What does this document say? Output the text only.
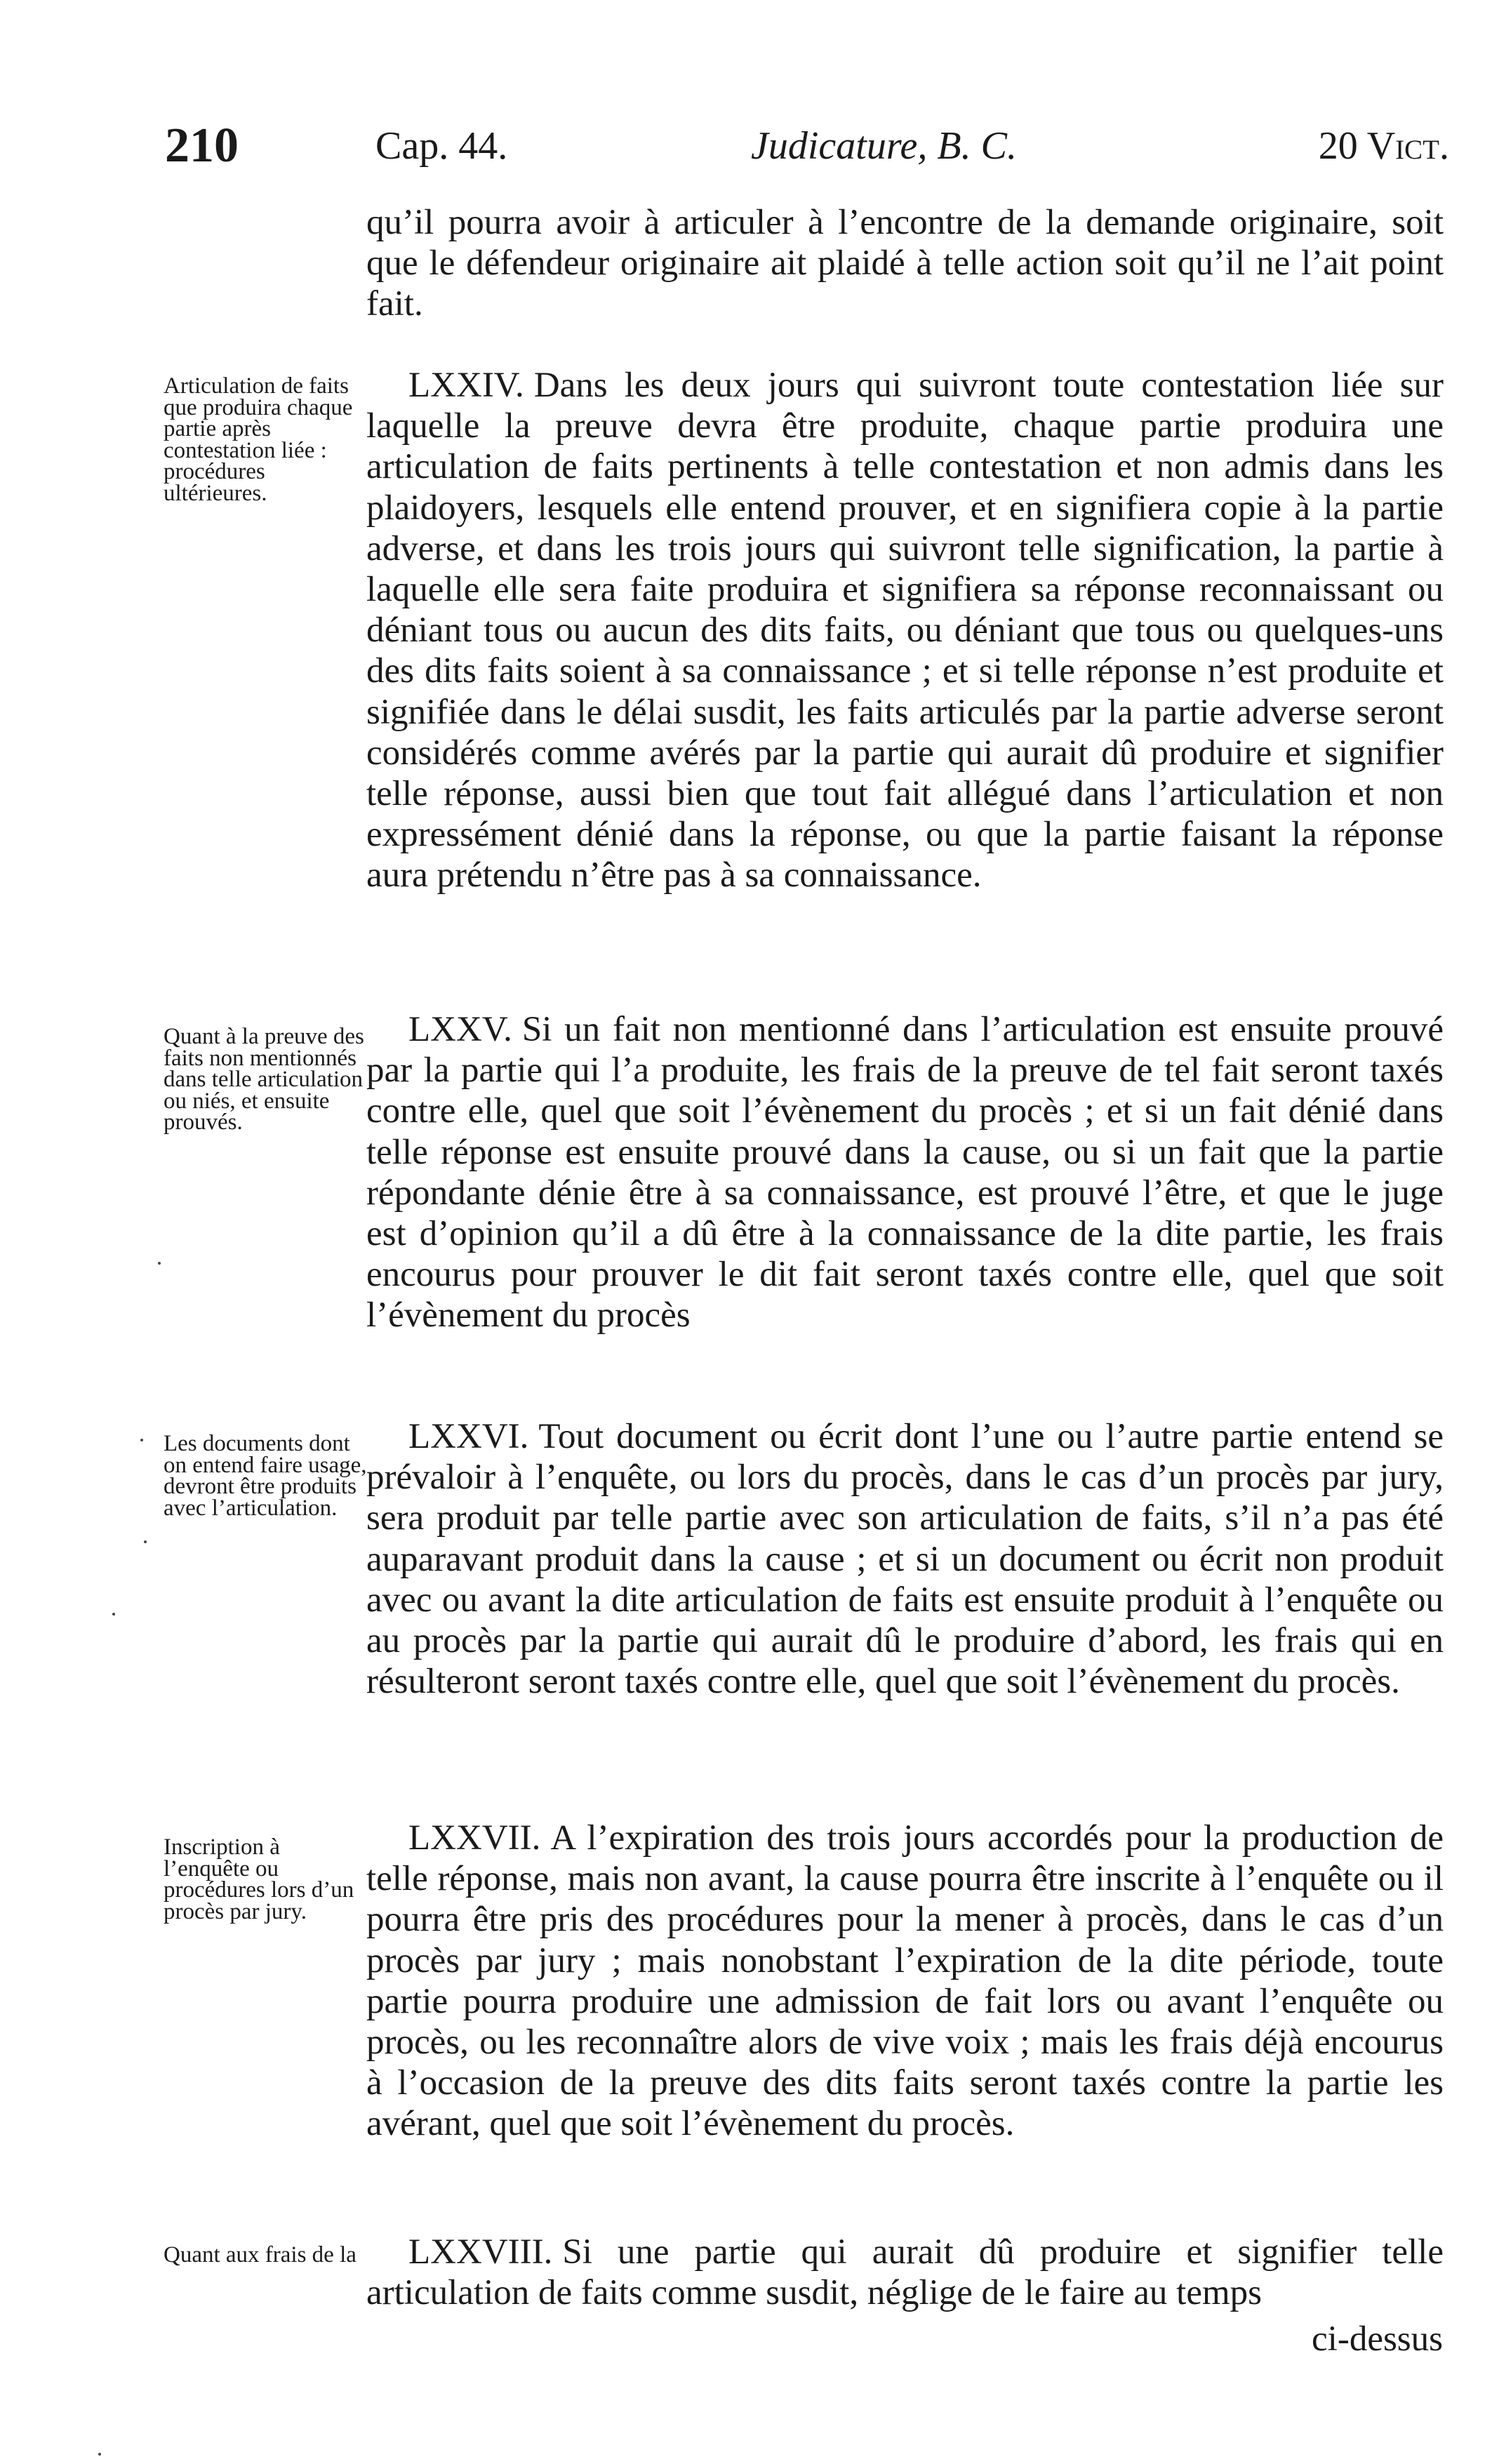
210	Cap. 44.	Judicature, B. C.	20 Vict.
qu’il pourra avoir à articuler à l’encontre de la demande originaire, soit que le défendeur originaire ait plaidé à telle action soit qu’il ne l’ait point fait.
Articulation de faits que produira chaque partie après contestation liée : procédures ultérieures.
LXXIV. Dans les deux jours qui suivront toute contestation liée sur laquelle la preuve devra être produite, chaque partie produira une articulation de faits pertinents à telle contestation et non admis dans les plaidoyers, lesquels elle entend prouver, et en signifiera copie à la partie adverse, et dans les trois jours qui suivront telle signification, la partie à laquelle elle sera faite produira et signifiera sa réponse reconnaissant ou déniant tous ou aucun des dits faits, ou déniant que tous ou quelques-uns des dits faits soient à sa connaissance ; et si telle réponse n’est produite et signifiée dans le délai susdit, les faits articulés par la partie adverse seront considérés comme avérés par la partie qui aurait dû produire et signifier telle réponse, aussi bien que tout fait allégué dans l’articulation et non expressément dénié dans la réponse, ou que la partie faisant la réponse aura prétendu n’être pas à sa connaissance.
Quant à la preuve des faits non mentionnés dans telle articulation ou niés, et ensuite prouvés.
LXXV. Si un fait non mentionné dans l’articulation est ensuite prouvé par la partie qui l’a produite, les frais de la preuve de tel fait seront taxés contre elle, quel que soit l’évènement du procès ; et si un fait dénié dans telle réponse est ensuite prouvé dans la cause, ou si un fait que la partie répondante dénie être à sa connaissance, est prouvé l’être, et que le juge est d’opinion qu’il a dû être à la connaissance de la dite partie, les frais encourus pour prouver le dit fait seront taxés contre elle, quel que soit l’évènement du procès
Les documents dont on entend faire usage, devront être produits avec l’articulation.
LXXVI. Tout document ou écrit dont l’une ou l’autre partie entend se prévaloir à l’enquête, ou lors du procès, dans le cas d’un procès par jury, sera produit par telle partie avec son articulation de faits, s’il n’a pas été auparavant produit dans la cause ; et si un document ou écrit non produit avec ou avant la dite articulation de faits est ensuite produit à l’enquête ou au procès par la partie qui aurait dû le produire d’abord, les frais qui en résulteront seront taxés contre elle, quel que soit l’évènement du procès.
Inscription à l’enquête ou procédures lors d’un procès par jury.
LXXVII. A l’expiration des trois jours accordés pour la production de telle réponse, mais non avant, la cause pourra être inscrite à l’enquête ou il pourra être pris des procédures pour la mener à procès, dans le cas d’un procès par jury ; mais nonobstant l’expiration de la dite période, toute partie pourra produire une admission de fait lors ou avant l’enquête ou procès, ou les reconnaître alors de vive voix ; mais les frais déjà encourus à l’occasion de la preuve des dits faits seront taxés contre la partie les avérant, quel que soit l’évènement du procès.
Quant aux frais de la	LXXVIII. Si une partie qui aurait dû produire et signifier telle articulation de faits comme susdit, néglige de le faire au temps
ci-dessus
